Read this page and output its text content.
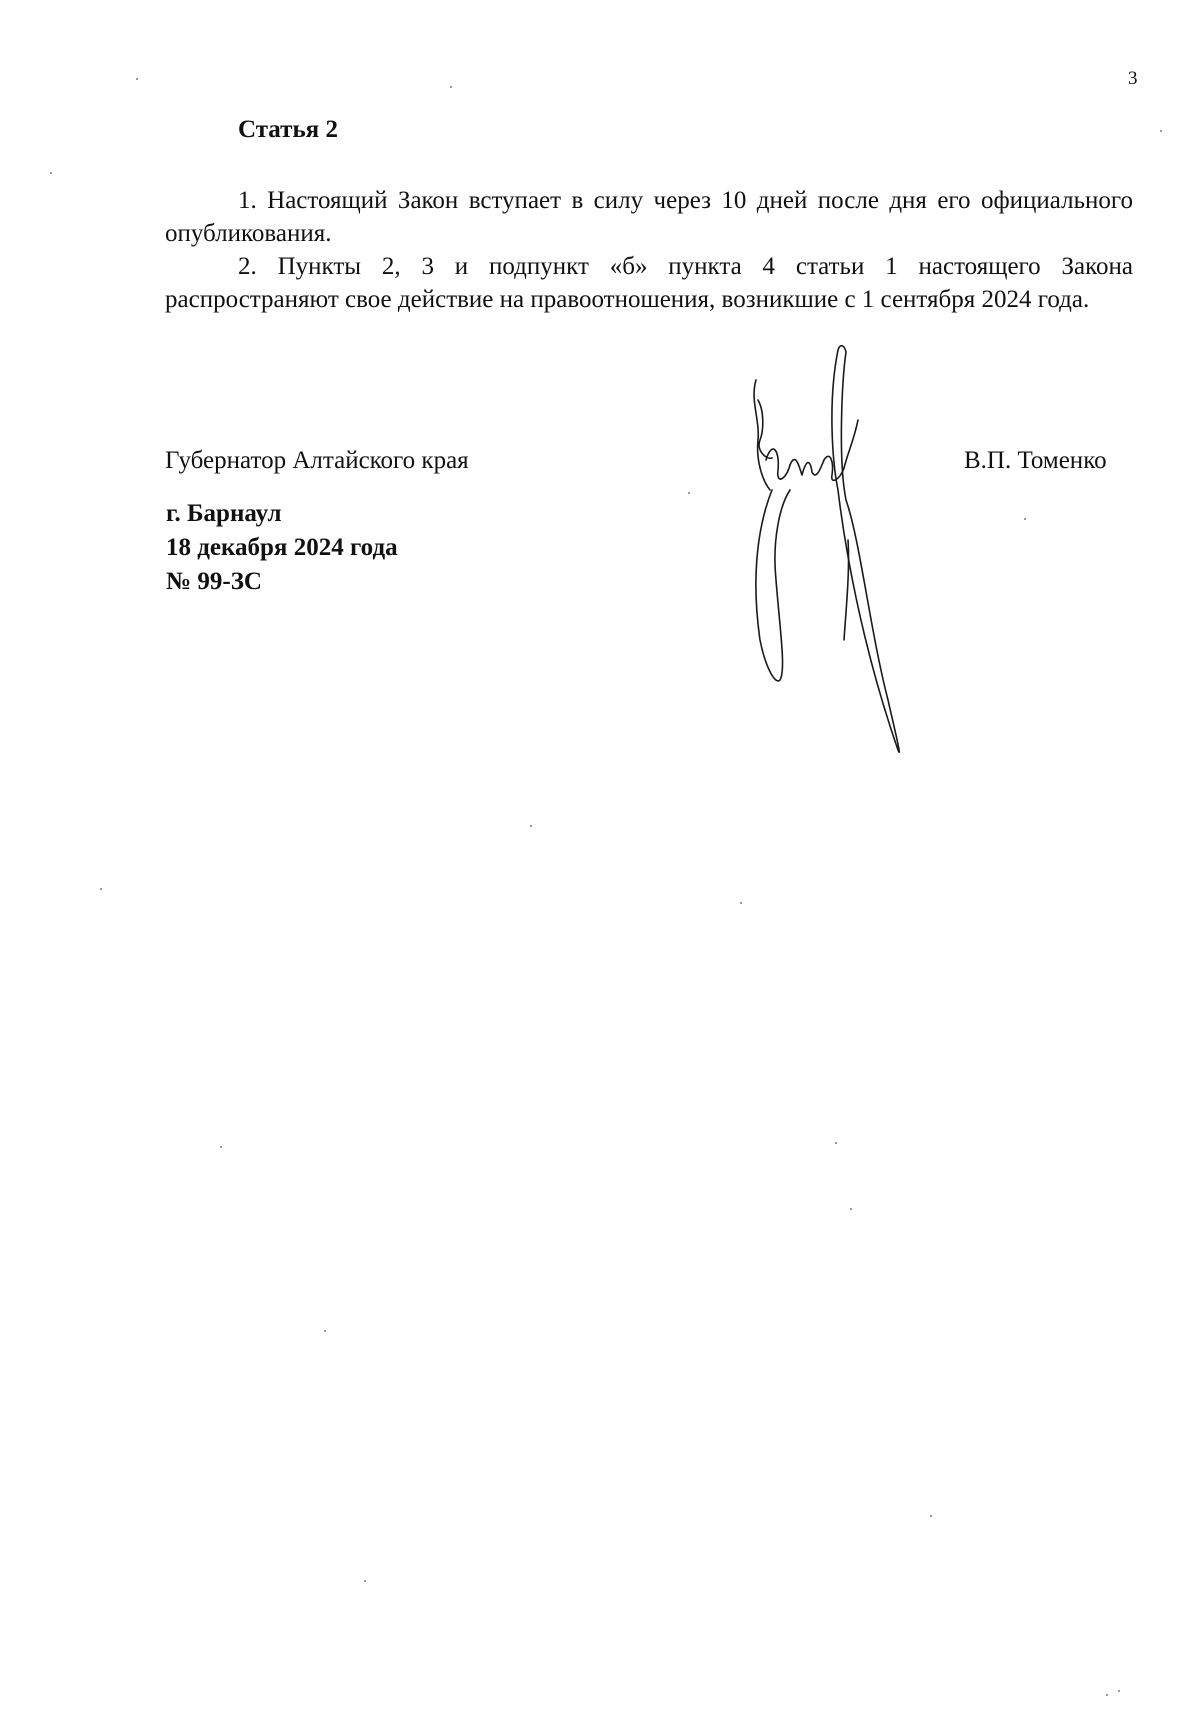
3
Статья 2

1. Настоящий Закон вступает в силу через 10 дней после дня его официального опубликования.

2. Пункты 2, 3 и подпункт «б» пункта 4 статьи 1 настоящего Закона распространяют свое действие на правоотношения, возникшие с 1 сентября 2024 года.

Губернатор Алтайского края	В.П. Томенко
г. Барнаул
18 декабря 2024 года
№ 99-ЗС
